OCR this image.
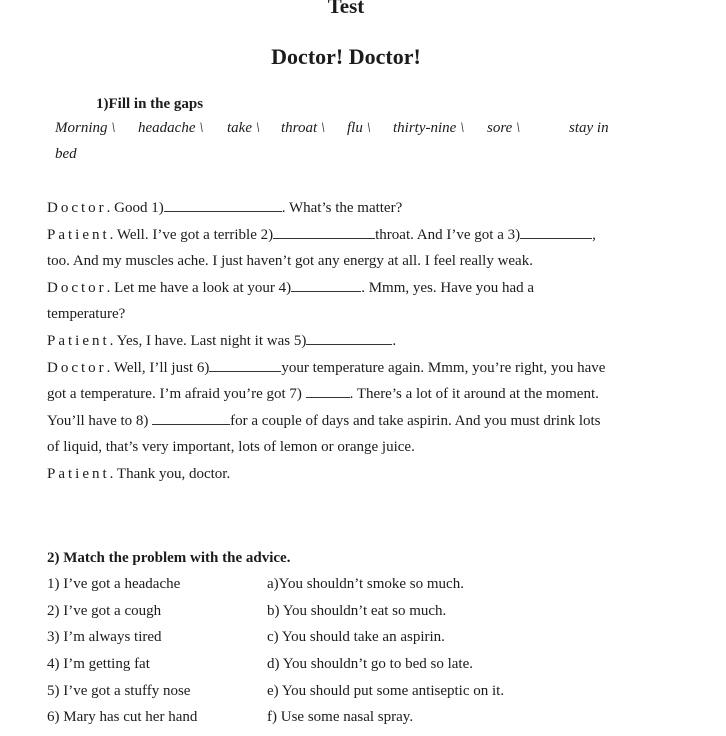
Test
Doctor! Doctor!
1)Fill in the gaps
Morning \ headache \ take \ throat \ flu \ thirty-nine \ sore \	stay in
bed
Doctor. Good 1)	. What’s the matter?
Patient. Well. I’ve got a terrible 2)	throat. And I’ve got a 3)	,
too. And my muscles ache. I just haven’t got any energy at all. I feel really weak.
Doctor. Let me have a look at your 4)	. Mmm, yes. Have you had a
temperature?
Patient. Yes, I have. Last night it was 5)	.
Doctor. Well, I’ll just 6)	your temperature again. Mmm, you’re right, you have
got a temperature. I’m afraid you’re got 7)	. There’s a lot of it around at the moment.
You’ll have to 8)	for a couple of days and take aspirin. And you must drink lots
of liquid, that’s very important, lots of lemon or orange juice.
Patient. Thank you, doctor.
2) Match the problem with the advice.
1) I’ve got a headache	a)You shouldn’t smoke so much.
2) I’ve got a cough	b) You shouldn’t eat so much.
3) I’m always tired	c) You should take an aspirin.
4) I’m getting fat	d) You shouldn’t go to bed so late.
5) I’ve got a stuffy nose	e) You should put some antiseptic on it.
6) Mary has cut her hand	f) Use some nasal spray.
